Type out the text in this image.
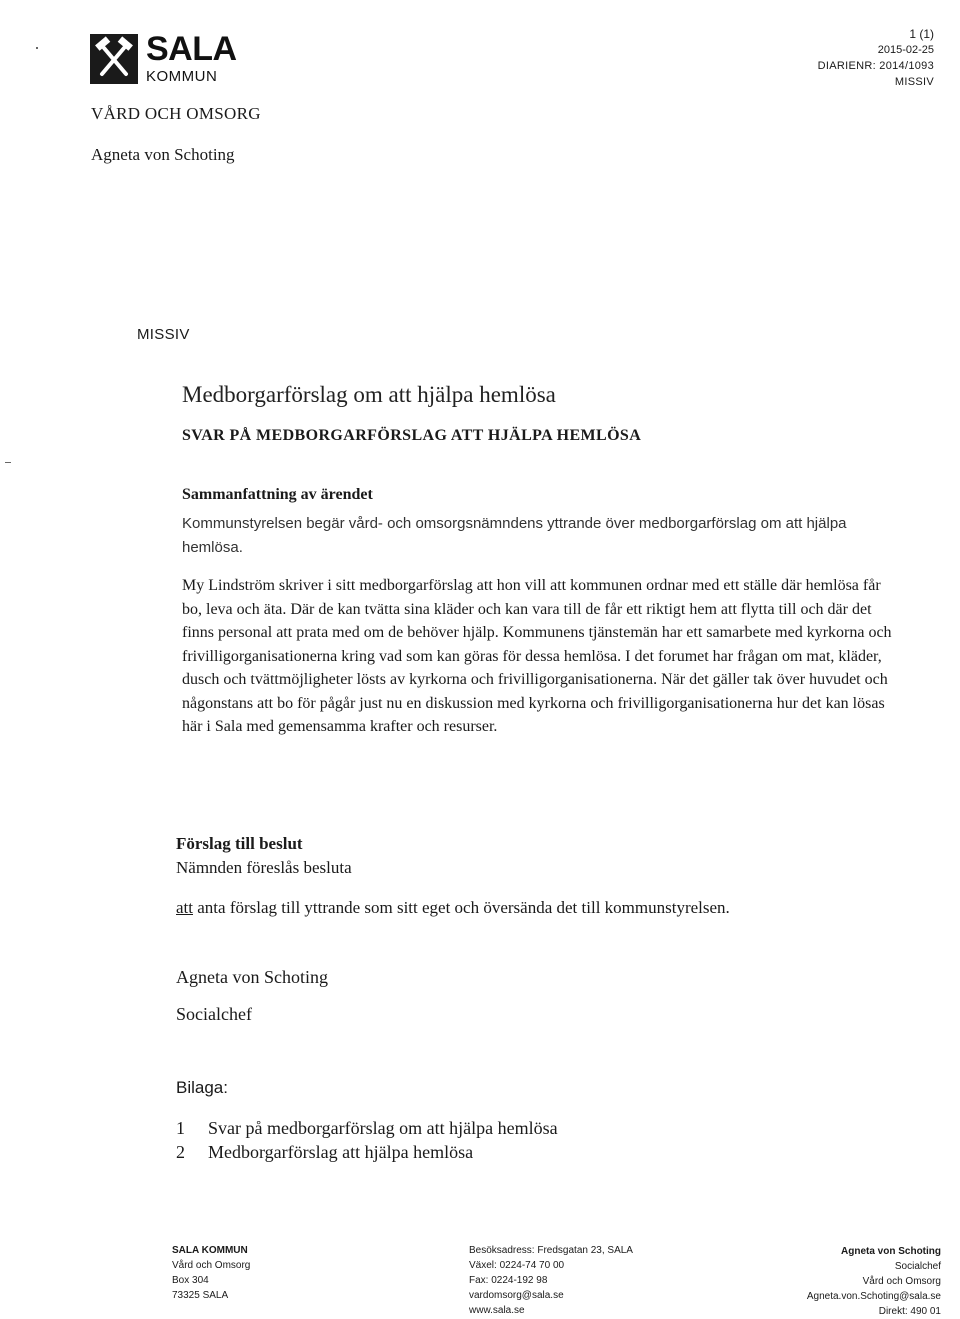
SALA
KOMMUN
VÅRD OCH OMSORG
Agneta von Schoting
1 (1)
2015-02-25
DIARIENR: 2014/1093
MISSIV
MISSIV
Medborgarförslag om att hjälpa hemlösa
SVAR PÅ MEDBORGARFÖRSLAG ATT HJÄLPA HEMLÖSA
Sammanfattning av ärendet
Kommunstyrelsen begär vård- och omsorgsnämndens yttrande över medborgarförslag om att hjälpa hemlösa.
My Lindström skriver i sitt medborgarförslag att hon vill att kommunen ordnar med ett ställe där hemlösa får bo, leva och äta. Där de kan tvätta sina kläder och kan vara till de får ett riktigt hem att flytta till och där det finns personal att prata med om de behöver hjälp. Kommunens tjänstemän har ett samarbete med kyrkorna och frivilligorganisationerna kring vad som kan göras för dessa hemlösa. I det forumet har frågan om mat, kläder, dusch och tvättmöjligheter lösts av kyrkorna och frivilligorganisationerna. När det gäller tak över huvudet och någonstans att bo för pågår just nu en diskussion med kyrkorna och frivilligorganisationerna hur det kan lösas här i Sala med gemensamma krafter och resurser.
Förslag till beslut
Nämnden föreslås besluta
att anta förslag till yttrande som sitt eget och översända det till kommunstyrelsen.
Agneta von Schoting
Socialchef
Bilaga:
1 Svar på medborgarförslag om att hjälpa hemlösa
2 Medborgarförslag att hjälpa hemlösa
SALA KOMMUN
Vård och Omsorg
Box 304
73325 SALA
Besöksadress: Fredsgatan 23, SALA
Växel: 0224-74 70 00
Fax: 0224-192 98
vardomsorg@sala.se
www.sala.se
Agneta von Schoting
Socialchef
Vård och Omsorg
Agneta.von.Schoting@sala.se
Direkt: 490 01
